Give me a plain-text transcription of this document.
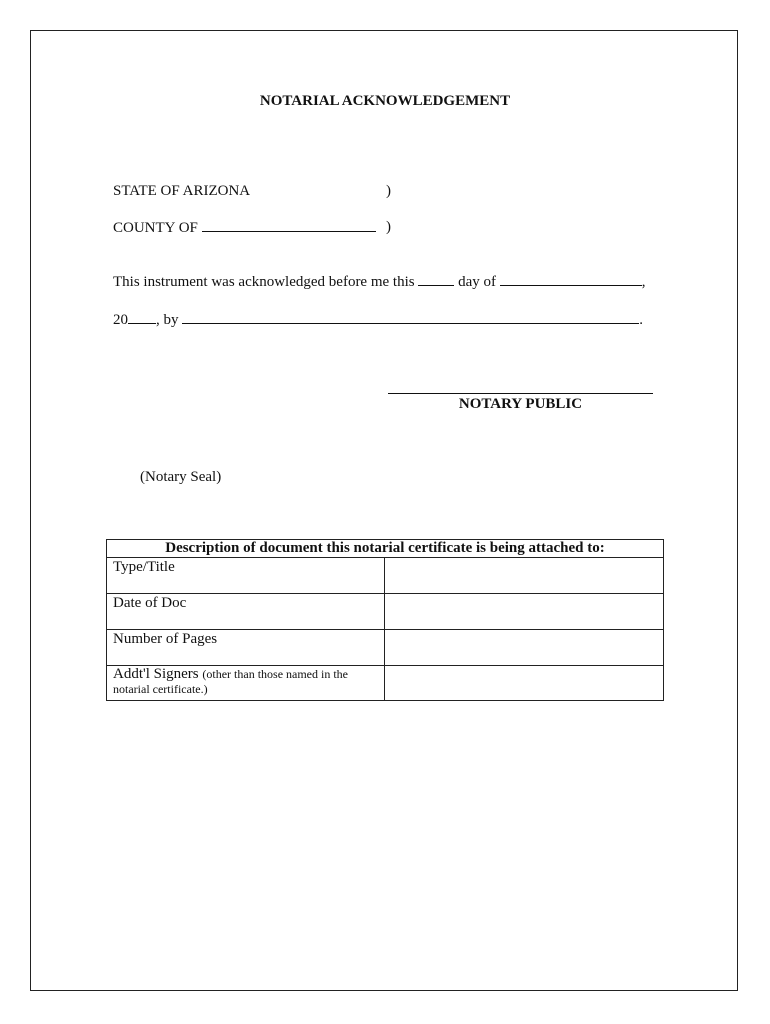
NOTARIAL ACKNOWLEDGEMENT
STATE OF ARIZONA	)
COUNTY OF	)
This instrument was acknowledged before me this	day of	,
20 , by	.
NOTARY PUBLIC
(Notary Seal)
Description of document this notarial certificate is being attached to:	
Type/Title	
Date of Doc	
Number of Pages	
Addt'l Signers (other than those named in the notarial certificate.)	
